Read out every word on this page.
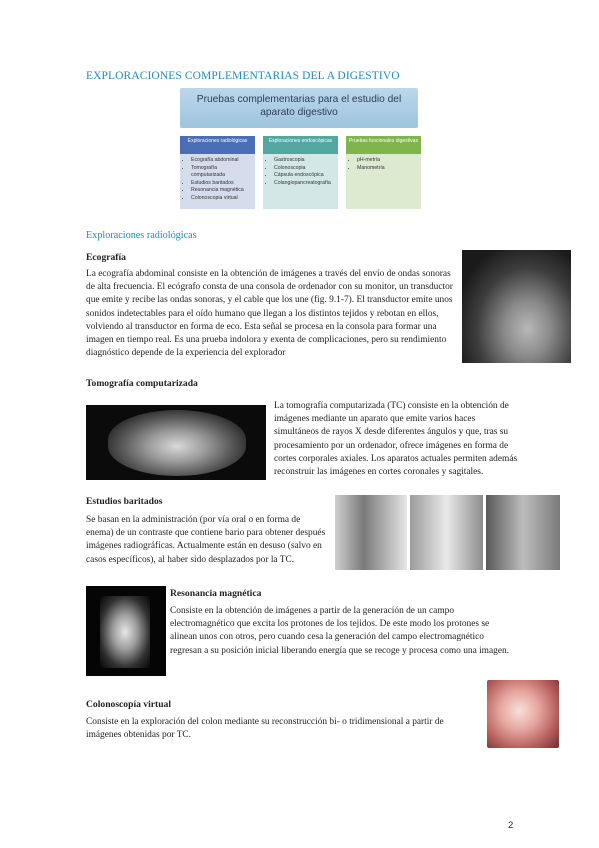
EXPLORACIONES COMPLEMENTARIAS DEL A DIGESTIVO
Pruebas complementarias para el estudio del aparato digestivo
Exploraciones radiológicas
• Ecografía abdominal
• Tomografía computarizada
• Estudios baritados
• Resonancia magnética
• Colonoscopia virtual
Exploraciones endoscópicas
• Gastroscopia
• Colonoscopia
• Cápsula endoscópica
• Colangiopancreatografía
Pruebas funcionales digestivas
• pH-metría
• Manometría
Exploraciones radiológicas
Ecografía
La ecografía abdominal consiste en la obtención de imágenes a través del envío de ondas sonoras de alta frecuencia. El ecógrafo consta de una consola de ordenador con su monitor, un transductor que emite y recibe las ondas sonoras, y el cable que los une (fig. 9.1-7). El transductor emite unos sonidos indetectables para el oído humano que llegan a los distintos tejidos y rebotan en ellos, volviendo al transductor en forma de eco. Esta señal se procesa en la consola para formar una imagen en tiempo real. Es una prueba indolora y exenta de complicaciones, pero su rendimiento diagnóstico depende de la experiencia del explorador
Tomografía computarizada
La tomografía computarizada (TC) consiste en la obtención de imágenes mediante un aparato que emite varios haces simultáneos de rayos X desde diferentes ángulos y que, tras su procesamiento por un ordenador, ofrece imágenes en forma de cortes corporales axiales. Los aparatos actuales permiten además reconstruir las imágenes en cortes coronales y sagitales.
Estudios baritados
Se basan en la administración (por vía oral o en forma de enema) de un contraste que contiene bario para obtener después imágenes radiográficas. Actualmente están en desuso (salvo en casos específicos), al haber sido desplazados por la TC.
Resonancia magnética
Consiste en la obtención de imágenes a partir de la generación de un campo electromagnético que excita los protones de los tejidos. De este modo los protones se alinean unos con otros, pero cuando cesa la generación del campo electromagnético regresan a su posición inicial liberando energía que se recoge y procesa como una imagen.
Colonoscopía virtual
Consiste en la exploración del colon mediante su reconstrucción bi- o tridimensional a partir de imágenes obtenidas por TC.
2
